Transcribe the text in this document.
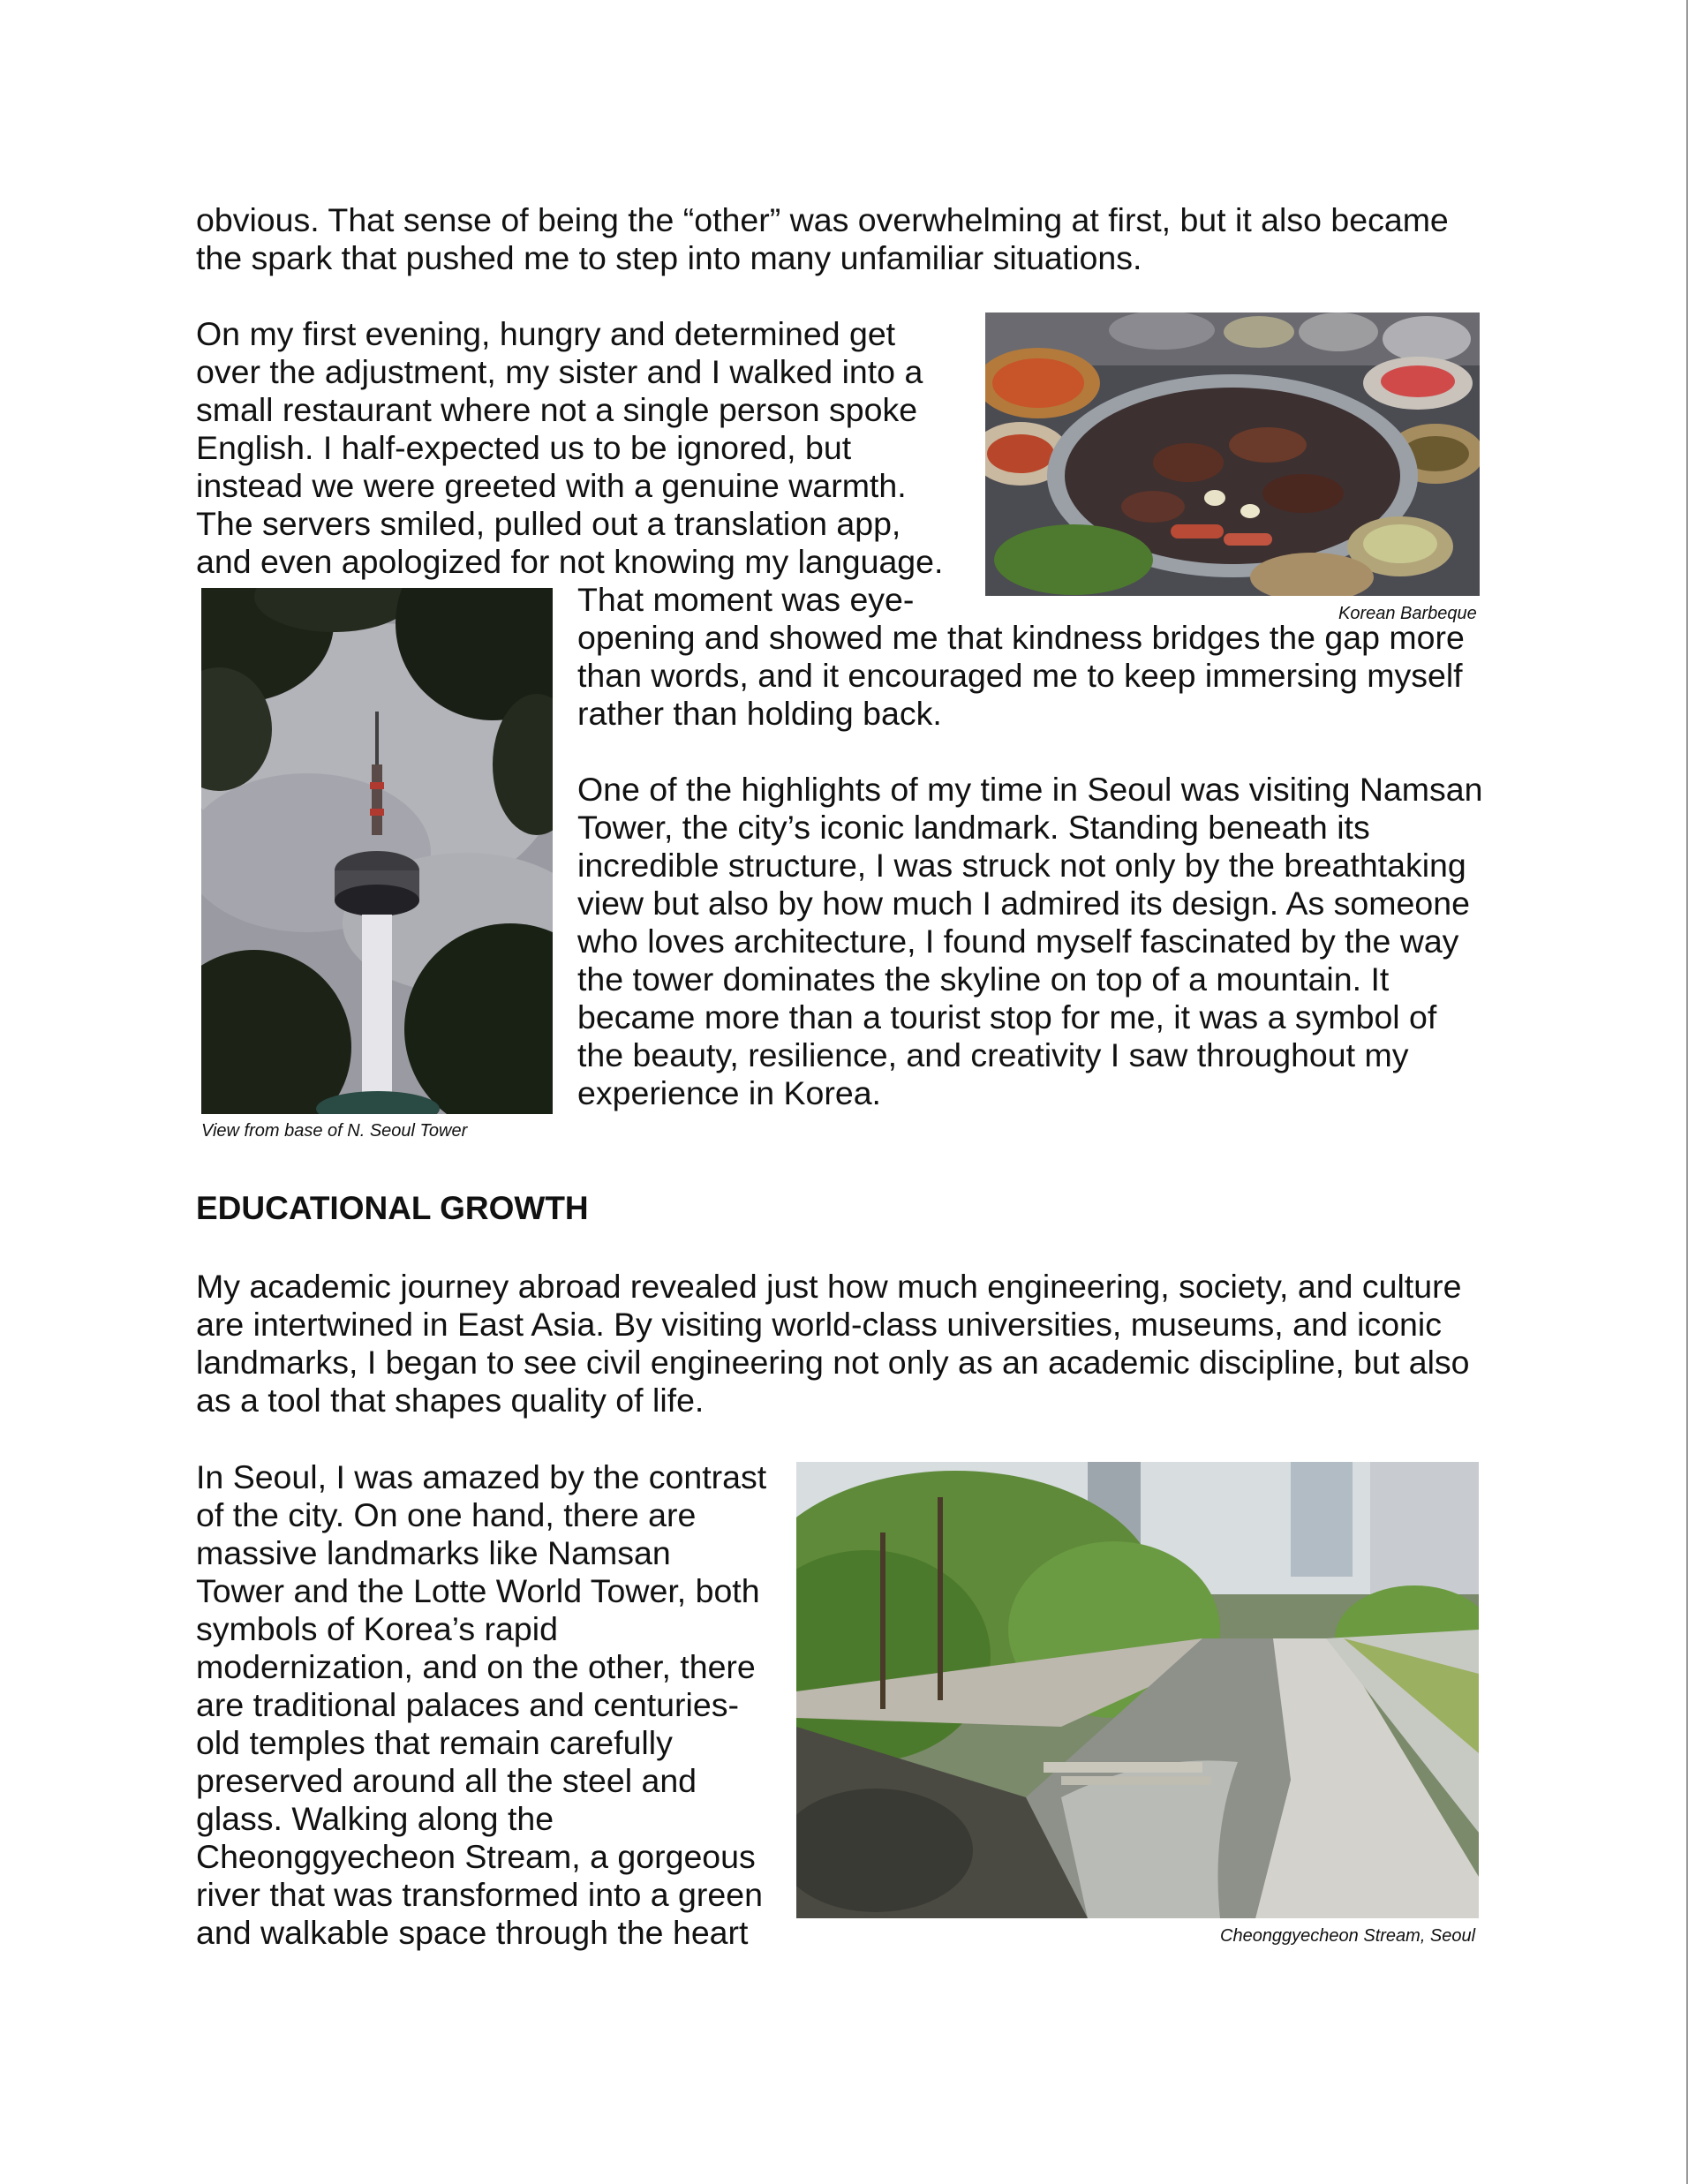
obvious. That sense of being the “other” was overwhelming at first, but it also became

the spark that pushed me to step into many unfamiliar situations.

On my first evening, hungry and determined get

over the adjustment, my sister and I walked into a

small restaurant where not a single person spoke

English. I half-expected us to be ignored, but

instead we were greeted with a genuine warmth.

The servers smiled, pulled out a translation app,

and even apologized for not knowing my language.

That moment was eye-

opening and showed me that kindness bridges the gap more

than words, and it encouraged me to keep immersing myself

rather than holding back.

Korean Barbeque

View from base of N. Seoul Tower

One of the highlights of my time in Seoul was visiting Namsan

Tower, the city’s iconic landmark. Standing beneath its

incredible structure, I was struck not only by the breathtaking

view but also by how much I admired its design. As someone

who loves architecture, I found myself fascinated by the way

the tower dominates the skyline on top of a mountain. It

became more than a tourist stop for me, it was a symbol of

the beauty, resilience, and creativity I saw throughout my

experience in Korea.

EDUCATIONAL GROWTH

My academic journey abroad revealed just how much engineering, society, and culture

are intertwined in East Asia. By visiting world-class universities, museums, and iconic

landmarks, I began to see civil engineering not only as an academic discipline, but also

as a tool that shapes quality of life.

In Seoul, I was amazed by the contrast

of the city. On one hand, there are

massive landmarks like Namsan

Tower and the Lotte World Tower, both

symbols of Korea’s rapid

modernization, and on the other, there

are traditional palaces and centuries-

old temples that remain carefully

preserved around all the steel and

glass. Walking along the

Cheonggyecheon Stream, a gorgeous

river that was transformed into a green

and walkable space through the heart	Cheonggyecheon Stream, Seoul
